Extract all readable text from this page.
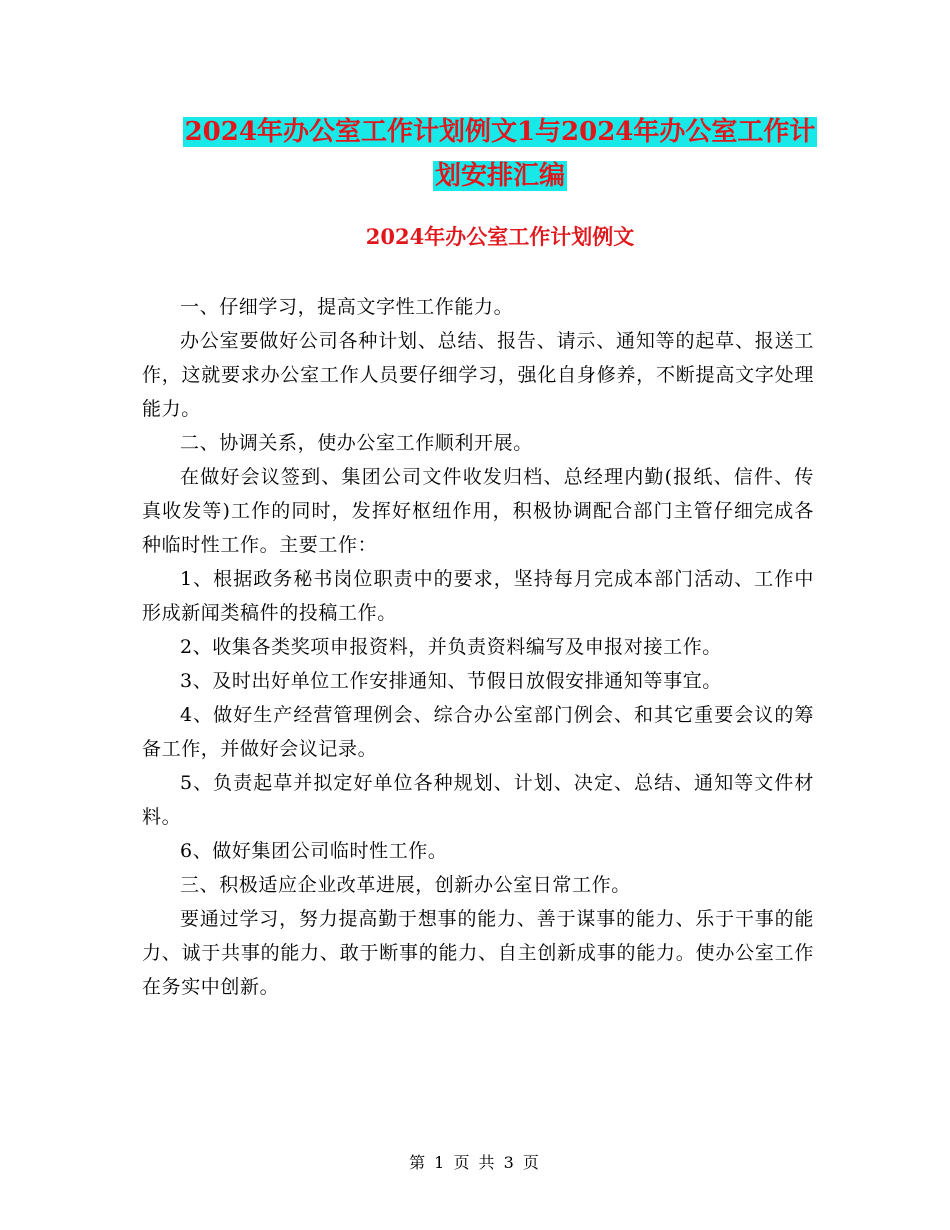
2024年办公室工作计划例文1与2024年办公室工作计
划安排汇编
2024年办公室工作计划例文

一、仔细学习，提高文字性工作能力。

办公室要做好公司各种计划、总结、报告、请示、通知等的起草、报送工作，这就要求办公室工作人员要仔细学习，强化自身修养，不断提高文字处理能力。

二、协调关系，使办公室工作顺利开展。

在做好会议签到、集团公司文件收发归档、总经理内勤(报纸、信件、传真收发等)工作的同时，发挥好枢纽作用，积极协调配合部门主管仔细完成各种临时性工作。主要工作：

1、根据政务秘书岗位职责中的要求，坚持每月完成本部门活动、工作中形成新闻类稿件的投稿工作。

2、收集各类奖项申报资料，并负责资料编写及申报对接工作。

3、及时出好单位工作安排通知、节假日放假安排通知等事宜。

4、做好生产经营管理例会、综合办公室部门例会、和其它重要会议的筹备工作，并做好会议记录。

5、负责起草并拟定好单位各种规划、计划、决定、总结、通知等文件材料。

6、做好集团公司临时性工作。

三、积极适应企业改革进展，创新办公室日常工作。

要通过学习，努力提高勤于想事的能力、善于谋事的能力、乐于干事的能力、诚于共事的能力、敢于断事的能力、自主创新成事的能力。使办公室工作在务实中创新。

第 1 页 共 3 页
